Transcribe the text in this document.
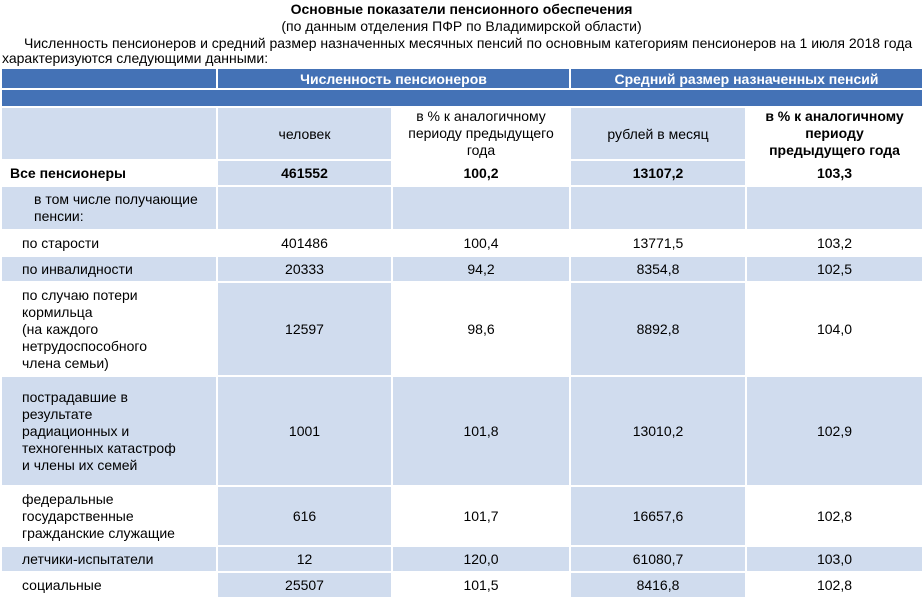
Основные показатели пенсионного обеспечения

(по данным отделения ПФР по Владимирской области)

Численность пенсионеров и средний размер назначенных месячных пенсий по основным категориям пенсионеров на 1 июля 2018 года характеризуются следующими данными:

	Численность пенсионеров		Средний размер назначенных пенсий	

	человек	в % к аналогичному периоду предыдущего года	рублей в месяц	в % к аналогичному периоду предыдущего года
Все пенсионеры	461552	100,2	13107,2	103,3
в том числе получающие пенсии:				
по старости	401486	100,4	13771,5	103,2
по инвалидности	20333	94,2	8354,8	102,5
по случаю потери кормильца
(на каждого нетрудоспособного члена семьи)	12597	98,6	8892,8	104,0
пострадавшие в результате радиационных и техногенных катастроф и члены их семей	1001	101,8	13010,2	102,9
федеральные государственные гражданские служащие	616	101,7	16657,6	102,8
летчики-испытатели	12	120,0	61080,7	103,0
социальные	25507	101,5	8416,8	102,8
